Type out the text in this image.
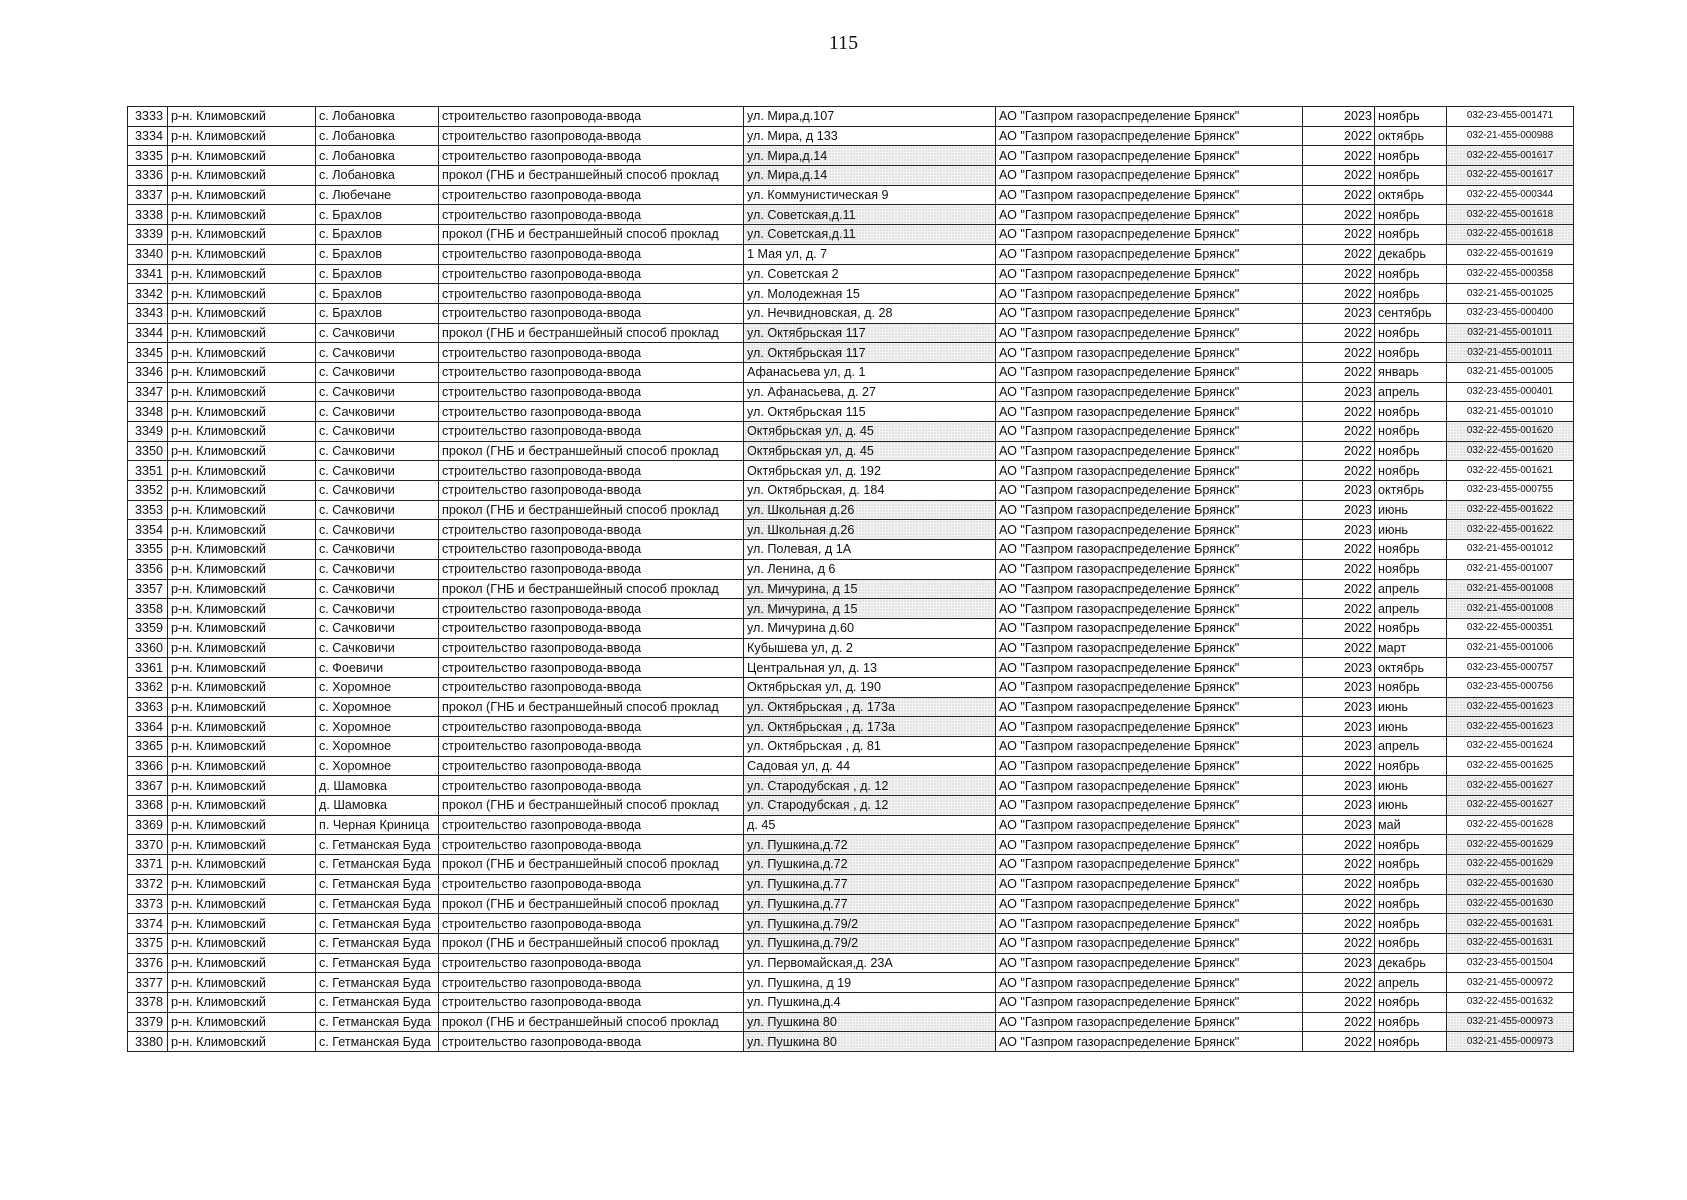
115
3333	р-н. Климовский	с. Лобановка	строительство газопровода-ввода	ул. Мира,д.107	АО "Газпром газораспределение Брянск"	2023	ноябрь	032-23-455-001471
3334	р-н. Климовский	с. Лобановка	строительство газопровода-ввода	ул. Мира, д 133	АО "Газпром газораспределение Брянск"	2022	октябрь	032-21-455-000988
3335	р-н. Климовский	с. Лобановка	строительство газопровода-ввода	ул. Мира,д.14	АО "Газпром газораспределение Брянск"	2022	ноябрь	032-22-455-001617
3336	р-н. Климовский	с. Лобановка	прокол (ГНБ и бестраншейный способ проклад	ул. Мира,д.14	АО "Газпром газораспределение Брянск"	2022	ноябрь	032-22-455-001617
3337	р-н. Климовский	с. Любечане	строительство газопровода-ввода	ул. Коммунистическая 9	АО "Газпром газораспределение Брянск"	2022	октябрь	032-22-455-000344
3338	р-н. Климовский	с. Брахлов	строительство газопровода-ввода	ул. Советская,д.11	АО "Газпром газораспределение Брянск"	2022	ноябрь	032-22-455-001618
3339	р-н. Климовский	с. Брахлов	прокол (ГНБ и бестраншейный способ проклад	ул. Советская,д.11	АО "Газпром газораспределение Брянск"	2022	ноябрь	032-22-455-001618
3340	р-н. Климовский	с. Брахлов	строительство газопровода-ввода	1 Мая ул, д. 7	АО "Газпром газораспределение Брянск"	2022	декабрь	032-22-455-001619
3341	р-н. Климовский	с. Брахлов	строительство газопровода-ввода	ул. Советская 2	АО "Газпром газораспределение Брянск"	2022	ноябрь	032-22-455-000358
3342	р-н. Климовский	с. Брахлов	строительство газопровода-ввода	ул. Молодежная 15	АО "Газпром газораспределение Брянск"	2022	ноябрь	032-21-455-001025
3343	р-н. Климовский	с. Брахлов	строительство газопровода-ввода	ул. Нечвидновская, д. 28	АО "Газпром газораспределение Брянск"	2023	сентябрь	032-23-455-000400
3344	р-н. Климовский	с. Сачковичи	прокол (ГНБ и бестраншейный способ проклад	ул. Октябрьская 117	АО "Газпром газораспределение Брянск"	2022	ноябрь	032-21-455-001011
3345	р-н. Климовский	с. Сачковичи	строительство газопровода-ввода	ул. Октябрьская 117	АО "Газпром газораспределение Брянск"	2022	ноябрь	032-21-455-001011
3346	р-н. Климовский	с. Сачковичи	строительство газопровода-ввода	Афанасьева ул, д. 1	АО "Газпром газораспределение Брянск"	2022	январь	032-21-455-001005
3347	р-н. Климовский	с. Сачковичи	строительство газопровода-ввода	ул. Афанасьева, д. 27	АО "Газпром газораспределение Брянск"	2023	апрель	032-23-455-000401
3348	р-н. Климовский	с. Сачковичи	строительство газопровода-ввода	ул. Октябрьская 115	АО "Газпром газораспределение Брянск"	2022	ноябрь	032-21-455-001010
3349	р-н. Климовский	с. Сачковичи	строительство газопровода-ввода	Октябрьская ул, д. 45	АО "Газпром газораспределение Брянск"	2022	ноябрь	032-22-455-001620
3350	р-н. Климовский	с. Сачковичи	прокол (ГНБ и бестраншейный способ проклад	Октябрьская ул, д. 45	АО "Газпром газораспределение Брянск"	2022	ноябрь	032-22-455-001620
3351	р-н. Климовский	с. Сачковичи	строительство газопровода-ввода	Октябрьская ул, д. 192	АО "Газпром газораспределение Брянск"	2022	ноябрь	032-22-455-001621
3352	р-н. Климовский	с. Сачковичи	строительство газопровода-ввода	ул. Октябрьская, д. 184	АО "Газпром газораспределение Брянск"	2023	октябрь	032-23-455-000755
3353	р-н. Климовский	с. Сачковичи	прокол (ГНБ и бестраншейный способ проклад	ул. Школьная д.26	АО "Газпром газораспределение Брянск"	2023	июнь	032-22-455-001622
3354	р-н. Климовский	с. Сачковичи	строительство газопровода-ввода	ул. Школьная д.26	АО "Газпром газораспределение Брянск"	2023	июнь	032-22-455-001622
3355	р-н. Климовский	с. Сачковичи	строительство газопровода-ввода	ул. Полевая, д 1А	АО "Газпром газораспределение Брянск"	2022	ноябрь	032-21-455-001012
3356	р-н. Климовский	с. Сачковичи	строительство газопровода-ввода	ул. Ленина, д 6	АО "Газпром газораспределение Брянск"	2022	ноябрь	032-21-455-001007
3357	р-н. Климовский	с. Сачковичи	прокол (ГНБ и бестраншейный способ проклад	ул. Мичурина, д 15	АО "Газпром газораспределение Брянск"	2022	апрель	032-21-455-001008
3358	р-н. Климовский	с. Сачковичи	строительство газопровода-ввода	ул. Мичурина, д 15	АО "Газпром газораспределение Брянск"	2022	апрель	032-21-455-001008
3359	р-н. Климовский	с. Сачковичи	строительство газопровода-ввода	ул. Мичурина д.60	АО "Газпром газораспределение Брянск"	2022	ноябрь	032-22-455-000351
3360	р-н. Климовский	с. Сачковичи	строительство газопровода-ввода	Кубышева ул, д. 2	АО "Газпром газораспределение Брянск"	2022	март	032-21-455-001006
3361	р-н. Климовский	с. Фоевичи	строительство газопровода-ввода	Центральная ул, д. 13	АО "Газпром газораспределение Брянск"	2023	октябрь	032-23-455-000757
3362	р-н. Климовский	с. Хоромное	строительство газопровода-ввода	Октябрьская ул, д. 190	АО "Газпром газораспределение Брянск"	2023	ноябрь	032-23-455-000756
3363	р-н. Климовский	с. Хоромное	прокол (ГНБ и бестраншейный способ проклад	ул. Октябрьская , д. 173а	АО "Газпром газораспределение Брянск"	2023	июнь	032-22-455-001623
3364	р-н. Климовский	с. Хоромное	строительство газопровода-ввода	ул. Октябрьская , д. 173а	АО "Газпром газораспределение Брянск"	2023	июнь	032-22-455-001623
3365	р-н. Климовский	с. Хоромное	строительство газопровода-ввода	ул. Октябрьская , д. 81	АО "Газпром газораспределение Брянск"	2023	апрель	032-22-455-001624
3366	р-н. Климовский	с. Хоромное	строительство газопровода-ввода	Садовая ул, д. 44	АО "Газпром газораспределение Брянск"	2022	ноябрь	032-22-455-001625
3367	р-н. Климовский	д. Шамовка	строительство газопровода-ввода	ул. Стародубская , д. 12	АО "Газпром газораспределение Брянск"	2023	июнь	032-22-455-001627
3368	р-н. Климовский	д. Шамовка	прокол (ГНБ и бестраншейный способ проклад	ул. Стародубская , д. 12	АО "Газпром газораспределение Брянск"	2023	июнь	032-22-455-001627
3369	р-н. Климовский	п. Черная Криница	строительство газопровода-ввода	д. 45	АО "Газпром газораспределение Брянск"	2023	май	032-22-455-001628
3370	р-н. Климовский	с. Гетманская Буда	строительство газопровода-ввода	ул. Пушкина,д.72	АО "Газпром газораспределение Брянск"	2022	ноябрь	032-22-455-001629
3371	р-н. Климовский	с. Гетманская Буда	прокол (ГНБ и бестраншейный способ проклад	ул. Пушкина,д.72	АО "Газпром газораспределение Брянск"	2022	ноябрь	032-22-455-001629
3372	р-н. Климовский	с. Гетманская Буда	строительство газопровода-ввода	ул. Пушкина,д.77	АО "Газпром газораспределение Брянск"	2022	ноябрь	032-22-455-001630
3373	р-н. Климовский	с. Гетманская Буда	прокол (ГНБ и бестраншейный способ проклад	ул. Пушкина,д.77	АО "Газпром газораспределение Брянск"	2022	ноябрь	032-22-455-001630
3374	р-н. Климовский	с. Гетманская Буда	строительство газопровода-ввода	ул. Пушкина,д.79/2	АО "Газпром газораспределение Брянск"	2022	ноябрь	032-22-455-001631
3375	р-н. Климовский	с. Гетманская Буда	прокол (ГНБ и бестраншейный способ проклад	ул. Пушкина,д.79/2	АО "Газпром газораспределение Брянск"	2022	ноябрь	032-22-455-001631
3376	р-н. Климовский	с. Гетманская Буда	строительство газопровода-ввода	ул. Первомайская,д. 23А	АО "Газпром газораспределение Брянск"	2023	декабрь	032-23-455-001504
3377	р-н. Климовский	с. Гетманская Буда	строительство газопровода-ввода	ул. Пушкина, д 19	АО "Газпром газораспределение Брянск"	2022	апрель	032-21-455-000972
3378	р-н. Климовский	с. Гетманская Буда	строительство газопровода-ввода	ул. Пушкина,д.4	АО "Газпром газораспределение Брянск"	2022	ноябрь	032-22-455-001632
3379	р-н. Климовский	с. Гетманская Буда	прокол (ГНБ и бестраншейный способ проклад	ул. Пушкина 80	АО "Газпром газораспределение Брянск"	2022	ноябрь	032-21-455-000973
3380	р-н. Климовский	с. Гетманская Буда	строительство газопровода-ввода	ул. Пушкина 80	АО "Газпром газораспределение Брянск"	2022	ноябрь	032-21-455-000973
